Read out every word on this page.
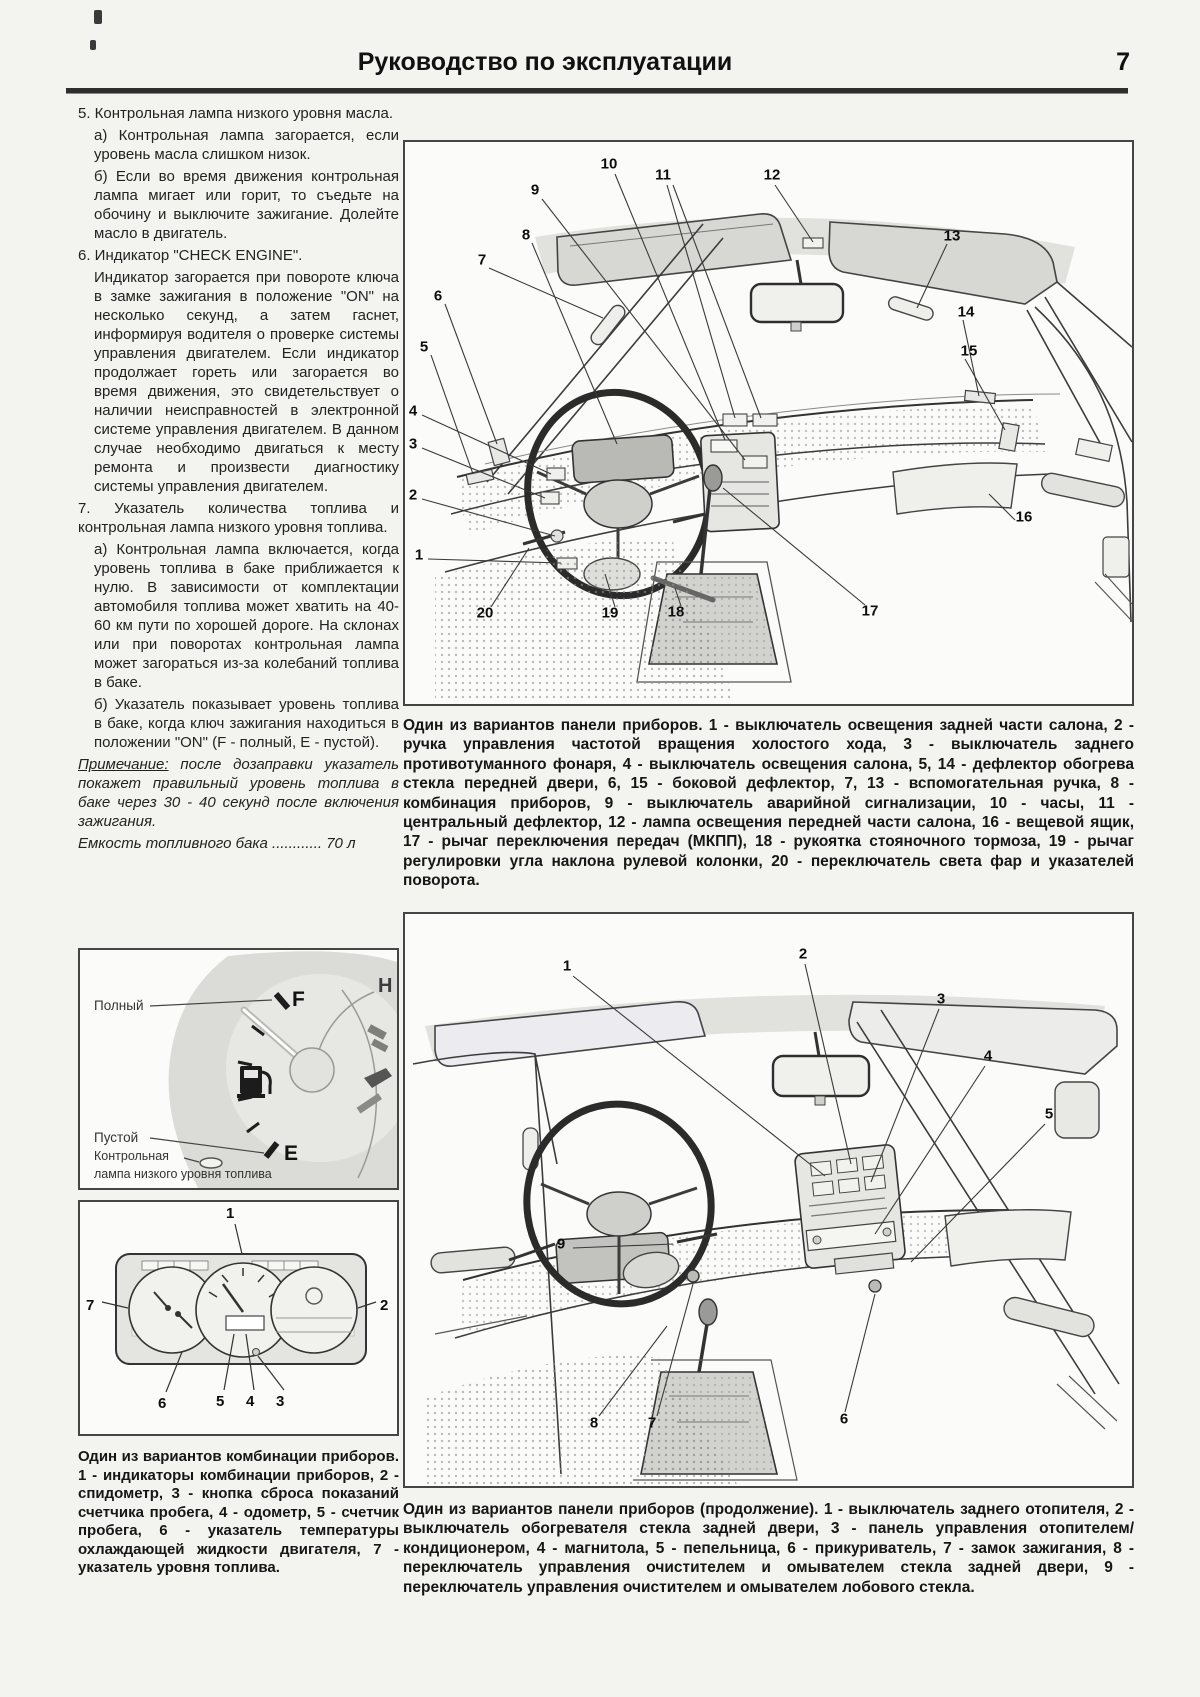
Руководство по эксплуатации	7

5. Контрольная лампа низкого уровня масла.

а) Контрольная лампа загорается, если уровень масла слишком низок.

б) Если во время движения контрольная лампа мигает или горит, то съедьте на обочину и выключите зажигание. Долейте масло в двигатель.

6. Индикатор "CHECK ENGINE".

Индикатор загорается при повороте ключа в замке зажигания в положение "ON" на несколько секунд, а затем гаснет, информируя водителя о проверке системы управления двигателем. Если индикатор продолжает гореть или загорается во время движения, это свидетельствует о наличии неисправностей в электронной системе управления двигателем. В данном случае необходимо двигаться к месту ремонта и произвести диагностику системы управления двигателем.

7. Указатель количества топлива и контрольная лампа низкого уровня топлива.

а) Контрольная лампа включается, когда уровень топлива в баке приближается к нулю. В зависимости от комплектации автомобиля топлива может хватить на 40-60 км пути по хорошей дороге. На склонах или при поворотах контрольная лампа может загораться из-за колебаний топлива в баке.

б) Указатель показывает уровень топлива в баке, когда ключ зажигания находиться в положении "ON" (F - полный, Е - пустой).

Примечание: после дозаправки указатель покажет правильный уровень топлива в баке через 30 - 40 секунд после включения зажигания.

Емкость топливного бака ............ 70 л

H
F
E
Полный
Пустой
Контрольная
лампа низкого уровня топлива
1
2
7
6	5 4 3

Один из вариантов комбинации приборов. 1 - индикаторы комбинации приборов, 2 - спидометр, 3 - кнопка сброса показаний счетчика пробега, 4 - одометр, 5 - счетчик пробега, 6 - указатель температуры охлаждающей жидкости двигателя, 7 - указатель уровня топлива.

10
11	12
9
8
7
13
6
14
5	15
4
3
2
1
16
20	19	18	17

Один из вариантов панели приборов. 1 - выключатель освещения задней части салона, 2 - ручка управления частотой вращения холостого хода, 3 - выключатель заднего противотуманного фонаря, 4 - выключатель освещения салона, 5, 14 - дефлектор обогрева стекла передней двери, 6, 15 - боковой дефлектор, 7, 13 - вспомогательная ручка, 8 - комбинация приборов, 9 - выключатель аварийной сигнализации, 10 - часы, 11 - центральный дефлектор, 12 - лампа освещения передней части салона, 16 - вещевой ящик, 17 - рычаг переключения передач (МКПП), 18 - рукоятка стояночного тормоза, 19 - рычаг регулировки угла наклона рулевой колонки, 20 - переключатель света фар и указателей поворота.

1
2
3
4
5
9
8	7	6

Один из вариантов панели приборов (продолжение). 1 - выключатель заднего отопителя, 2 - выключатель обогревателя стекла задней двери, 3 - панель управления отопителем/кондиционером, 4 - магнитола, 5 - пепельница, 6 - прикуриватель, 7 - замок зажигания, 8 - переключатель управления очистителем и омывателем стекла задней двери, 9 - переключатель управления очистителем и омывателем лобового стекла.
